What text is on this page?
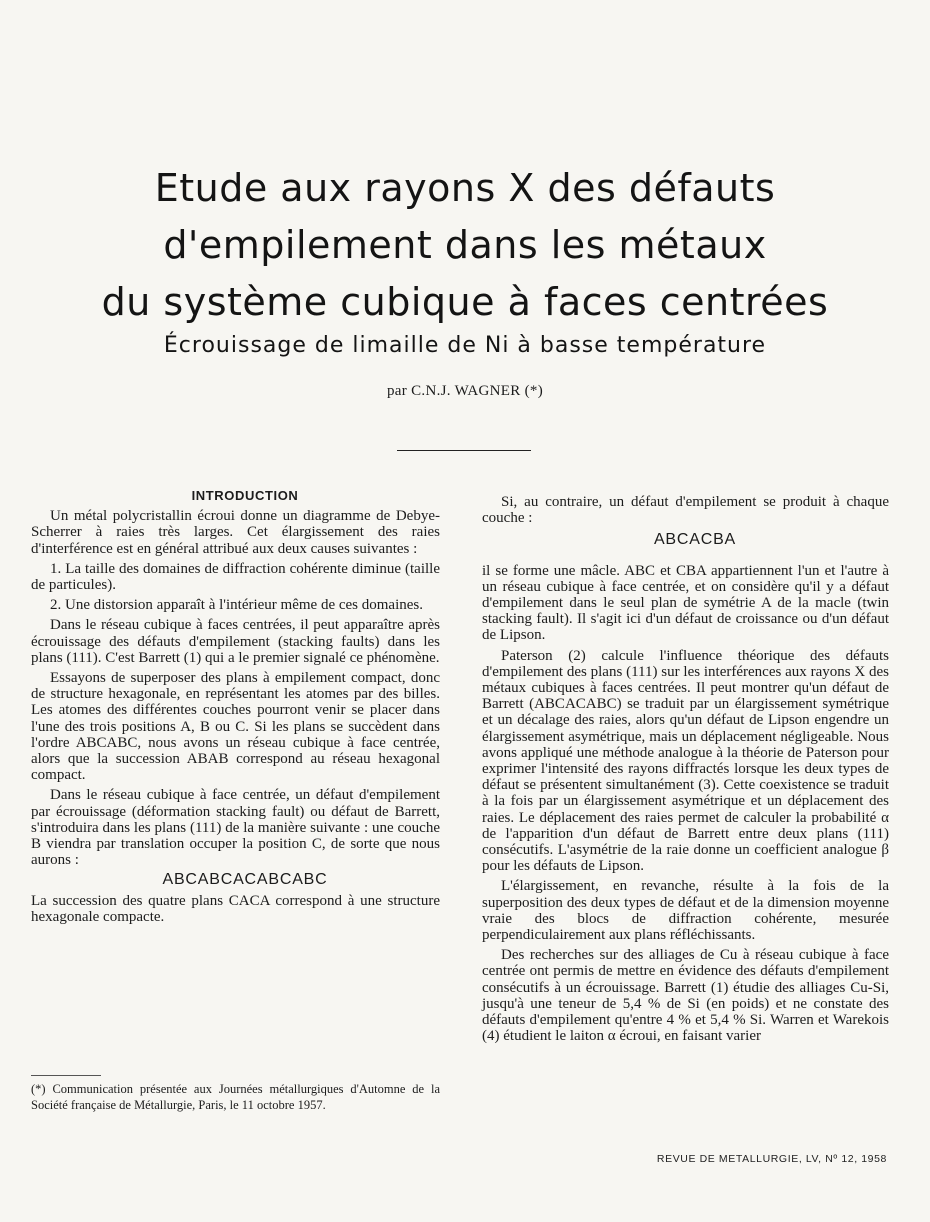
Etude aux rayons X des défauts
d'empilement dans les métaux
du système cubique à faces centrées
Écrouissage de limaille de Ni à basse température
par C.N.J. WAGNER (*)

INTRODUCTION

Un métal polycristallin écroui donne un diagramme de Debye-Scherrer à raies très larges. Cet élargissement des raies d'interférence est en général attribué aux deux causes suivantes :

1. La taille des domaines de diffraction cohérente diminue (taille de particules).

2. Une distorsion apparaît à l'intérieur même de ces domaines.

Dans le réseau cubique à faces centrées, il peut apparaître après écrouissage des défauts d'empilement (stacking faults) dans les plans (111). C'est Barrett (1) qui a le premier signalé ce phénomène.

Essayons de superposer des plans à empilement compact, donc de structure hexagonale, en représentant les atomes par des billes. Les atomes des différentes couches pourront venir se placer dans l'une des trois positions A, B ou C. Si les plans se succèdent dans l'ordre ABCABC, nous avons un réseau cubique à face centrée, alors que la succession ABAB correspond au réseau hexagonal compact.

Dans le réseau cubique à face centrée, un défaut d'empilement par écrouissage (déformation stacking fault) ou défaut de Barrett, s'introduira dans les plans (111) de la manière suivante : une couche B viendra par translation occuper la position C, de sorte que nous aurons :

ABCABCACABCABC

La succession des quatre plans CACA correspond à une structure hexagonale compacte.

(*) Communication présentée aux Journées métallurgiques d'Automne de la Société française de Métallurgie, Paris, le 11 octobre 1957.

Si, au contraire, un défaut d'empilement se produit à chaque couche :

ABCACBA

il se forme une mâcle. ABC et CBA appartiennent l'un et l'autre à un réseau cubique à face centrée, et on considère qu'il y a défaut d'empilement dans le seul plan de symétrie A de la macle (twin stacking fault). Il s'agit ici d'un défaut de croissance ou d'un défaut de Lipson.

Paterson (2) calcule l'influence théorique des défauts d'empilement des plans (111) sur les interférences aux rayons X des métaux cubiques à faces centrées. Il peut montrer qu'un défaut de Barrett (ABCACABC) se traduit par un élargissement symétrique et un décalage des raies, alors qu'un défaut de Lipson engendre un élargissement asymétrique, mais un déplacement négligeable. Nous avons appliqué une méthode analogue à la théorie de Paterson pour exprimer l'intensité des rayons diffractés lorsque les deux types de défaut se présentent simultanément (3). Cette coexistence se traduit à la fois par un élargissement asymétrique et un déplacement des raies. Le déplacement des raies permet de calculer la probabilité α de l'apparition d'un défaut de Barrett entre deux plans (111) consécutifs. L'asymétrie de la raie donne un coefficient analogue β pour les défauts de Lipson.

L'élargissement, en revanche, résulte à la fois de la superposition des deux types de défaut et de la dimension moyenne vraie des blocs de diffraction cohérente, mesurée perpendiculairement aux plans réfléchissants.

Des recherches sur des alliages de Cu à réseau cubique à face centrée ont permis de mettre en évidence des défauts d'empilement consécutifs à un écrouissage. Barrett (1) étudie des alliages Cu-Si, jusqu'à une teneur de 5,4 % de Si (en poids) et ne constate des défauts d'empilement qu'entre 4 % et 5,4 % Si. Warren et Warekois (4) étudient le laiton α écroui, en faisant varier

REVUE DE METALLURGIE, LV, Nº 12, 1958
